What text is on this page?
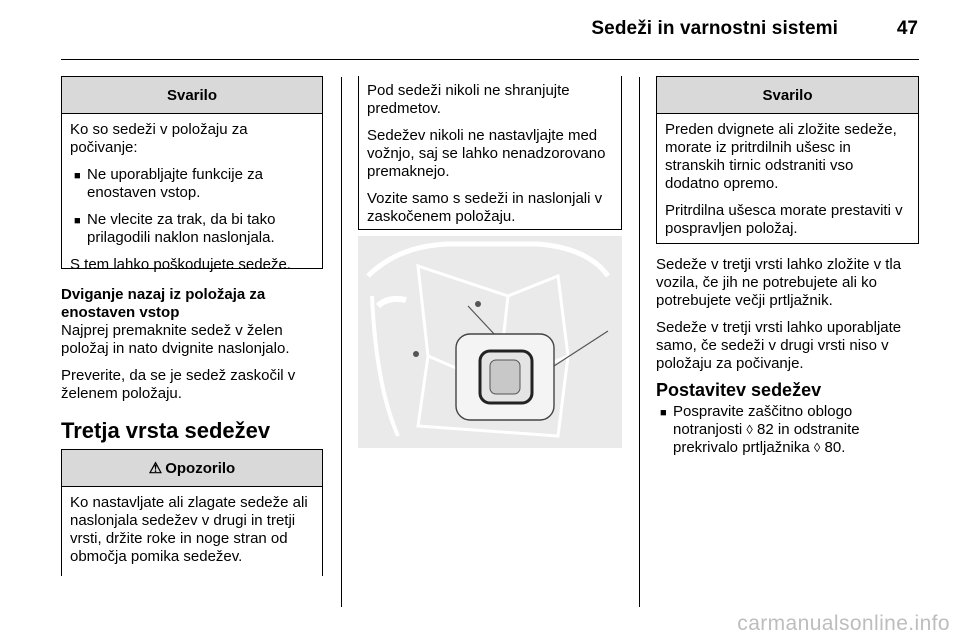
Sedeži in varnostni sistemi	47
Svarilo

Ko so sedeži v položaju za počivanje:

■ Ne uporabljajte funkcije za enostaven vstop.
■ Ne vlecite za trak, da bi tako prilagodili naklon naslonjala.

S tem lahko poškodujete sedeže.

Dviganje nazaj iz položaja za enostaven vstop

Najprej premaknite sedež v želen položaj in nato dvignite naslonjalo.

Preverite, da se je sedež zaskočil v želenem položaju.

Tretja vrsta sedežev
⚠ Opozorilo

Ko nastavljate ali zlagate sedeže ali naslonjala sedežev v drugi in tretji vrsti, držite roke in noge stran od območja pomika sedežev.

Pod sedeži nikoli ne shranjujte predmetov.

Sedežev nikoli ne nastavljajte med vožnjo, saj se lahko nenadzorovano premaknejo.

Vozite samo s sedeži in naslonjali v zaskočenem položaju.

Svarilo

Preden dvignete ali zložite sedeže, morate iz pritrdilnih ušesc in stranskih tirnic odstraniti vso dodatno opremo.

Pritrdilna ušesca morate prestaviti v pospravljen položaj.

Sedeže v tretji vrsti lahko zložite v tla vozila, če jih ne potrebujete ali ko potrebujete večji prtljažnik.

Sedeže v tretji vrsti lahko uporabljate samo, če sedeži v drugi vrsti niso v položaju za počivanje.

Postavitev sedežev
■ Pospravite zaščitno oblogo notranjosti ◊ 82 in odstranite prekrivalo prtljažnika ◊ 80.
carmanualsonline.info
